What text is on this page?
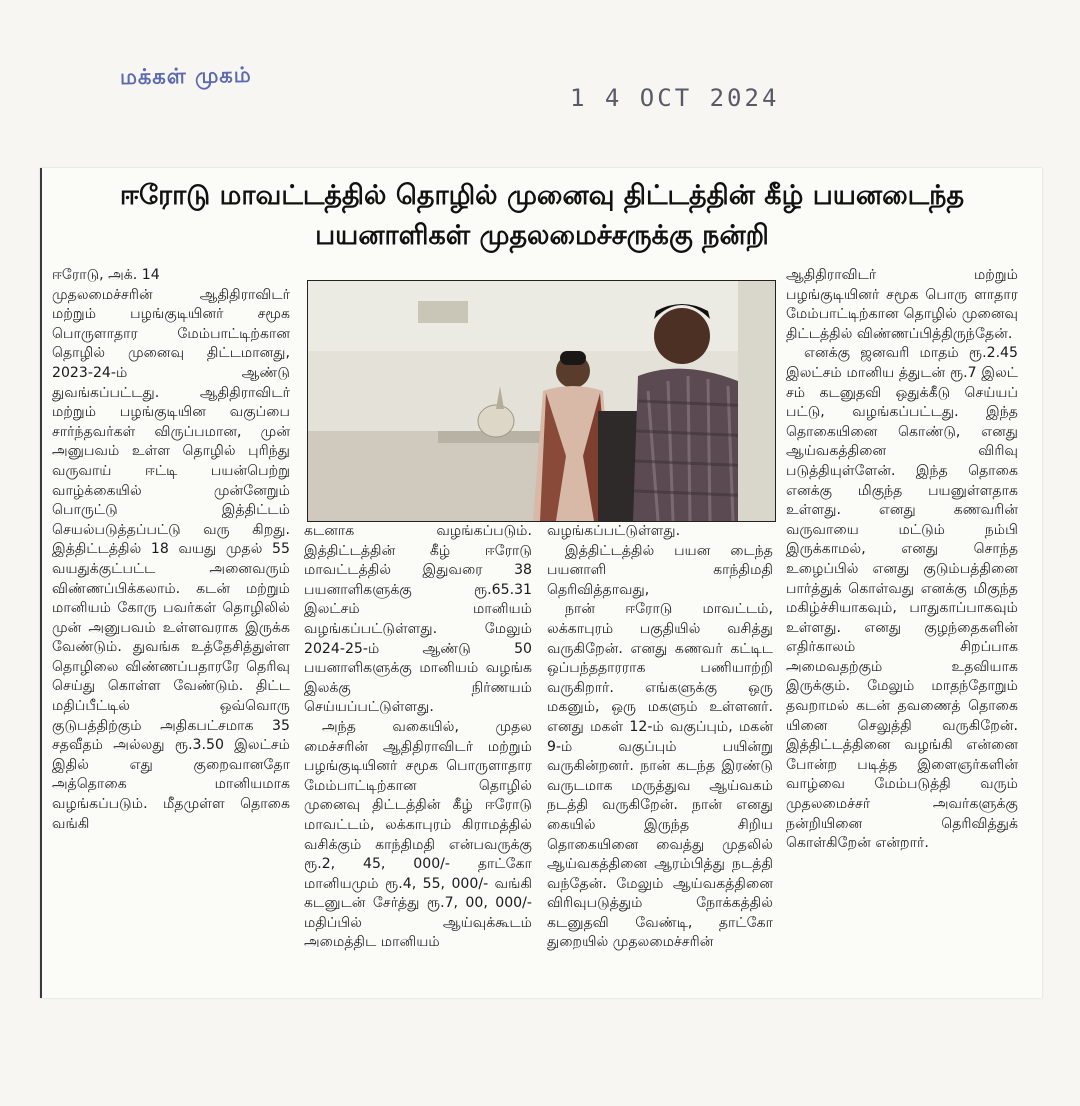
மக்கள் முகம்
1 4 OCT 2024
ஈரோடு மாவட்டத்தில் தொழில் முனைவு திட்டத்தின் கீழ் பயனடைந்த
பயனாளிகள் முதலமைச்சருக்கு நன்றி

ஈரோடு, அக். 14

முதலமைச்சரின் ஆதிதிராவிடர் மற்றும் பழங்குடியினர் சமூக பொருளாதார மேம்பாட்டிற்கான தொழில் முனைவு திட்டமானது, 2023-24-ம் ஆண்டு துவங்கப்பட்டது. ஆதிதிராவிடர் மற்றும் பழங்குடியின வகுப்பை சார்ந்தவர்கள் விருப்பமான, முன் அனுபவம் உள்ள தொழில் புரிந்து வருவாய் ஈட்டி பயன்பெற்று வாழ்க்கையில் முன்னேறும் பொருட்டு இத்திட்டம் செயல்படுத்தப்பட்டு வரு கிறது. இத்திட்டத்தில் 18 வயது முதல் 55 வயதுக்குட்பட்ட அனைவரும் விண்ணப்பிக்கலாம். கடன் மற்றும் மானியம் கோரு பவர்கள் தொழிலில் முன் அனுபவம் உள்ளவராக இருக்க வேண்டும். துவங்க உத்தேசித்துள்ள தொழிலை விண்ணப்பதாரரே தெரிவு செய்து கொள்ள வேண்டும். திட்ட மதிப்பீட்டில் ஒவ்வொரு குடுபத்திற்கும் அதிகபட்சமாக 35 சதவீதம் அல்லது ரூ.3.50 இலட்சம் இதில் எது குறைவானதோ அத்தொகை மானியமாக வழங்கப்படும். மீதமுள்ள தொகை வங்கி

கடனாக வழங்கப்படும். இத்திட்டத்தின் கீழ் ஈரோடு மாவட்டத்தில் இதுவரை 38 பயனாளிகளுக்கு ரூ.65.31 இலட்சம் மானியம் வழங்கப்பட்டுள்ளது. மேலும் 2024-25-ம் ஆண்டு 50 பயனாளிகளுக்கு மானியம் வழங்க இலக்கு நிர்ணயம் செய்யப்பட்டுள்ளது.

அந்த வகையில், முதல மைச்சரின் ஆதிதிராவிடர் மற்றும் பழங்குடியினர் சமூக பொருளாதார மேம்பாட்டிற்கான தொழில் முனைவு திட்டத்தின் கீழ் ஈரோடு மாவட்டம், லக்காபுரம் கிராமத்தில் வசிக்கும் காந்திமதி என்பவருக்கு ரூ.2, 45, 000/- தாட்கோ மானியமும் ரூ.4, 55, 000/- வங்கி கடனுடன் சேர்த்து ரூ.7, 00, 000/- மதிப்பில் ஆய்வுக்கூடம் அமைத்திட மானியம்

வழங்கப்பட்டுள்ளது.

இத்திட்டத்தில் பயன டைந்த பயனாளி காந்திமதி தெரிவித்தாவது,

நான் ஈரோடு மாவட்டம், லக்காபுரம் பகுதியில் வசித்து வருகிறேன். எனது கணவர் கட்டிட ஒப்பந்ததாரராக பணியாற்றி வருகிறார். எங்களுக்கு ஒரு மகனும், ஒரு மகளும் உள்ளனர். எனது மகள் 12-ம் வகுப்பும், மகன் 9-ம் வகுப்பும் பயின்று வருகின்றனர். நான் கடந்த இரண்டு வருடமாக மருத்துவ ஆய்வகம் நடத்தி வருகிறேன். நான் எனது கையில் இருந்த சிறிய தொகையினை வைத்து முதலில் ஆய்வகத்தினை ஆரம்பித்து நடத்தி வந்தேன். மேலும் ஆய்வகத்தினை விரிவுபடுத்தும் நோக்கத்தில் கடனுதவி வேண்டி, தாட்கோ துறையில் முதலமைச்சரின்

ஆதிதிராவிடர் மற்றும் பழங்குடியினர் சமூக பொரு ளாதார மேம்பாட்டிற்கான தொழில் முனைவு திட்டத்தில் விண்ணப்பித்திருந்தேன்.

எனக்கு ஜனவரி மாதம் ரூ.2.45 இலட்சம் மானிய த்துடன் ரூ.7 இலட் சம் கடனுதவி ஒதுக்கீடு செய்யப் பட்டு, வழங்கப்பட்டது. இந்த தொகையினை கொண்டு, எனது ஆய்வகத்தினை விரிவு படுத்தியுள்ளேன். இந்த தொகை எனக்கு மிகுந்த பயனுள்ளதாக உள்ளது. எனது கணவரின் வருவாயை மட்டும் நம்பி இருக்காமல், எனது சொந்த உழைப்பில் எனது குடும்பத்தினை பார்த்துக் கொள்வது எனக்கு மிகுந்த மகிழ்ச்சியாகவும், பாதுகாப்பாகவும் உள்ளது. எனது குழந்தைகளின் எதிர்காலம் சிறப்பாக அமைவதற்கும் உதவியாக இருக்கும். மேலும் மாதந்தோறும் தவறாமல் கடன் தவணைத் தொகை யினை செலுத்தி வருகிறேன். இத்திட்டத்தினை வழங்கி என்னை போன்ற படித்த இளைஞர்களின் வாழ்வை மேம்படுத்தி வரும் முதலமைச்சர் அவர்களுக்கு நன்றியினை தெரிவித்துக் கொள்கிறேன் என்றார்.
